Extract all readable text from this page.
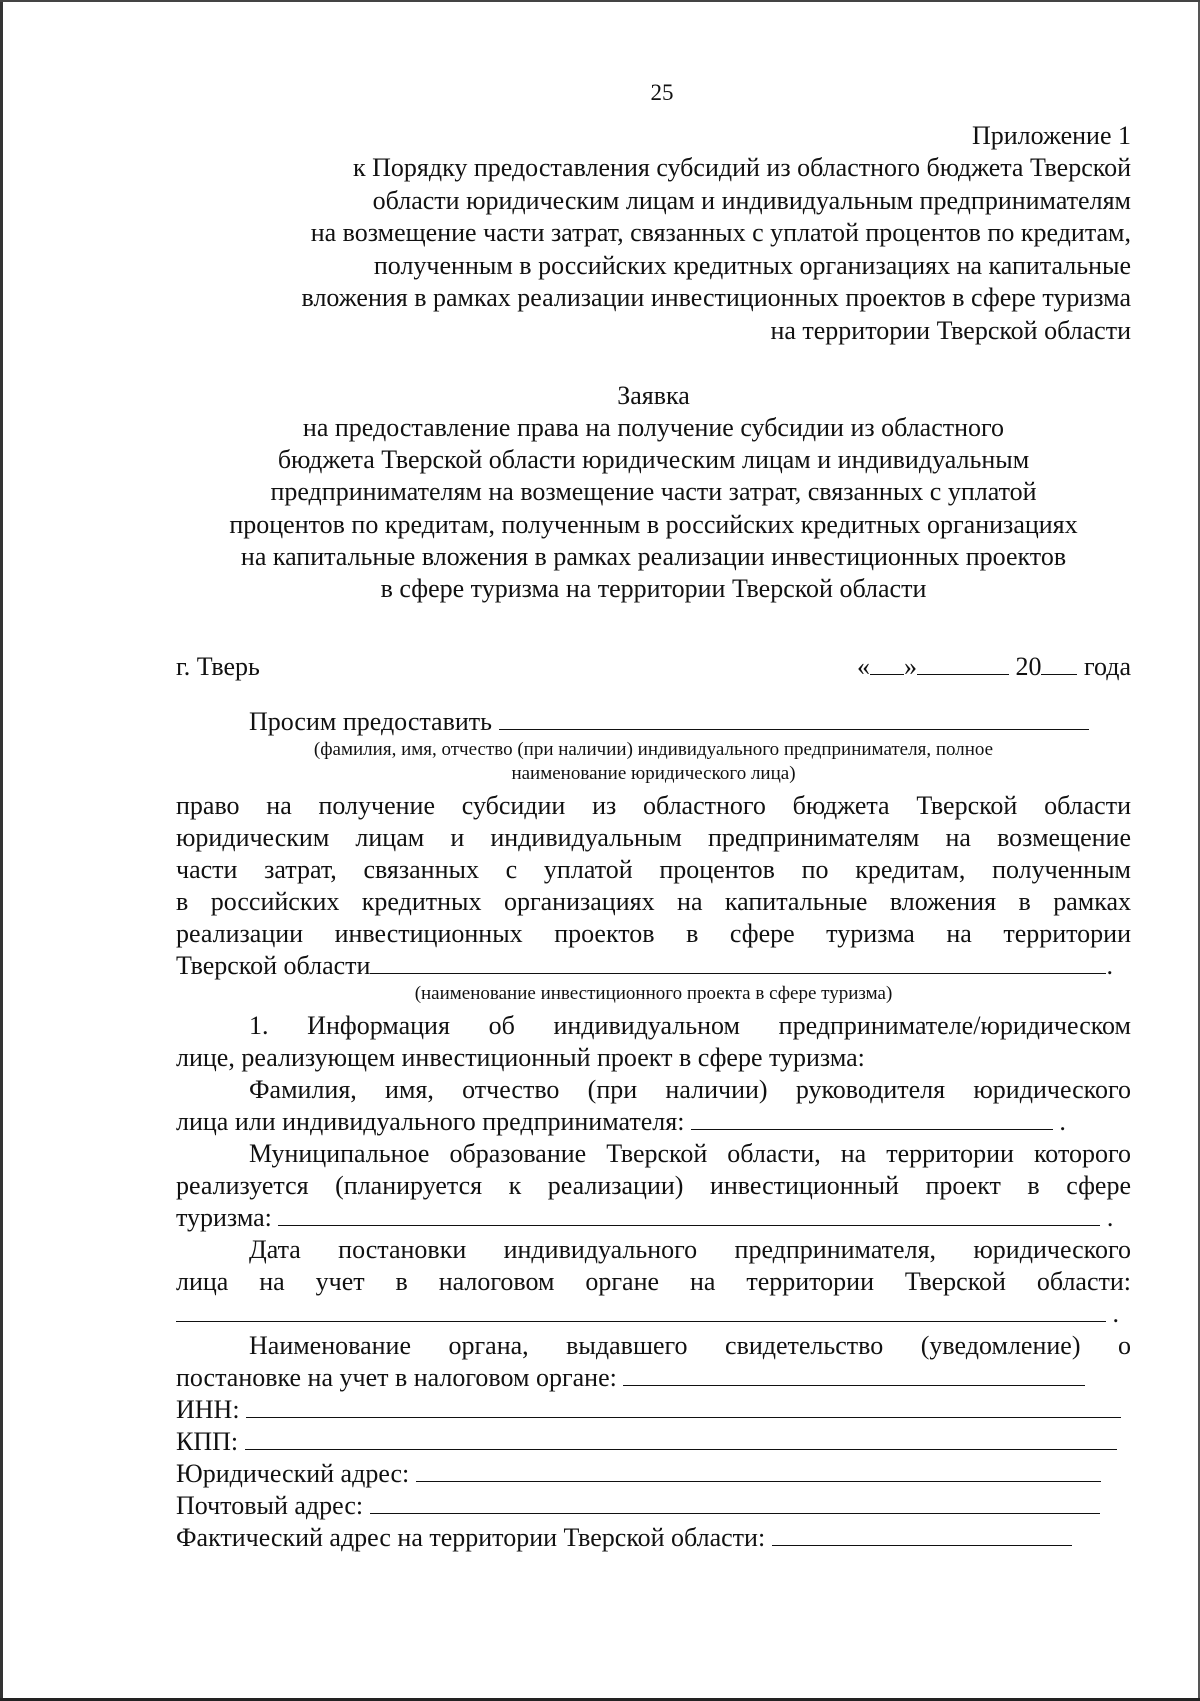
25
Приложение 1
к Порядку предоставления субсидий из областного бюджета Тверской
области юридическим лицам и индивидуальным предпринимателям
на возмещение части затрат, связанных с уплатой процентов по кредитам,
полученным в российских кредитных организациях на капитальные
вложения в рамках реализации инвестиционных проектов в сфере туризма
на территории Тверской области
Заявка
на предоставление права на получение субсидии из областного
бюджета Тверской области юридическим лицам и индивидуальным
предпринимателям на возмещение части затрат, связанных с уплатой
процентов по кредитам, полученным в российских кредитных организациях
на капитальные вложения в рамках реализации инвестиционных проектов
в сфере туризма на территории Тверской области
г. Тверь	« »	20 года
Просим предоставить
(фамилия, имя, отчество (при наличии) индивидуального предпринимателя, полное
наименование юридического лица)
право на получение субсидии из областного бюджета Тверской области
юридическим лицам и индивидуальным предпринимателям на возмещение
части затрат, связанных с уплатой процентов по кредитам, полученным
в российских кредитных организациях на капитальные вложения в рамках
реализации инвестиционных проектов в сфере туризма на территории
Тверской области	.
(наименование инвестиционного проекта в сфере туризма)
1. Информация об индивидуальном предпринимателе/юридическом
лице, реализующем инвестиционный проект в сфере туризма:
Фамилия, имя, отчество (при наличии) руководителя юридического
лица или индивидуального предпринимателя:	.
Муниципальное образование Тверской области, на территории которого
реализуется (планируется к реализации) инвестиционный проект в сфере
туризма:	.
Дата постановки индивидуального предпринимателя, юридического
лица на учет в налоговом органе на территории Тверской области:
.
Наименование органа, выдавшего свидетельство (уведомление) о
постановке на учет в налоговом органе:
ИНН:
КПП:
Юридический адрес:
Почтовый адрес:
Фактический адрес на территории Тверской области:
